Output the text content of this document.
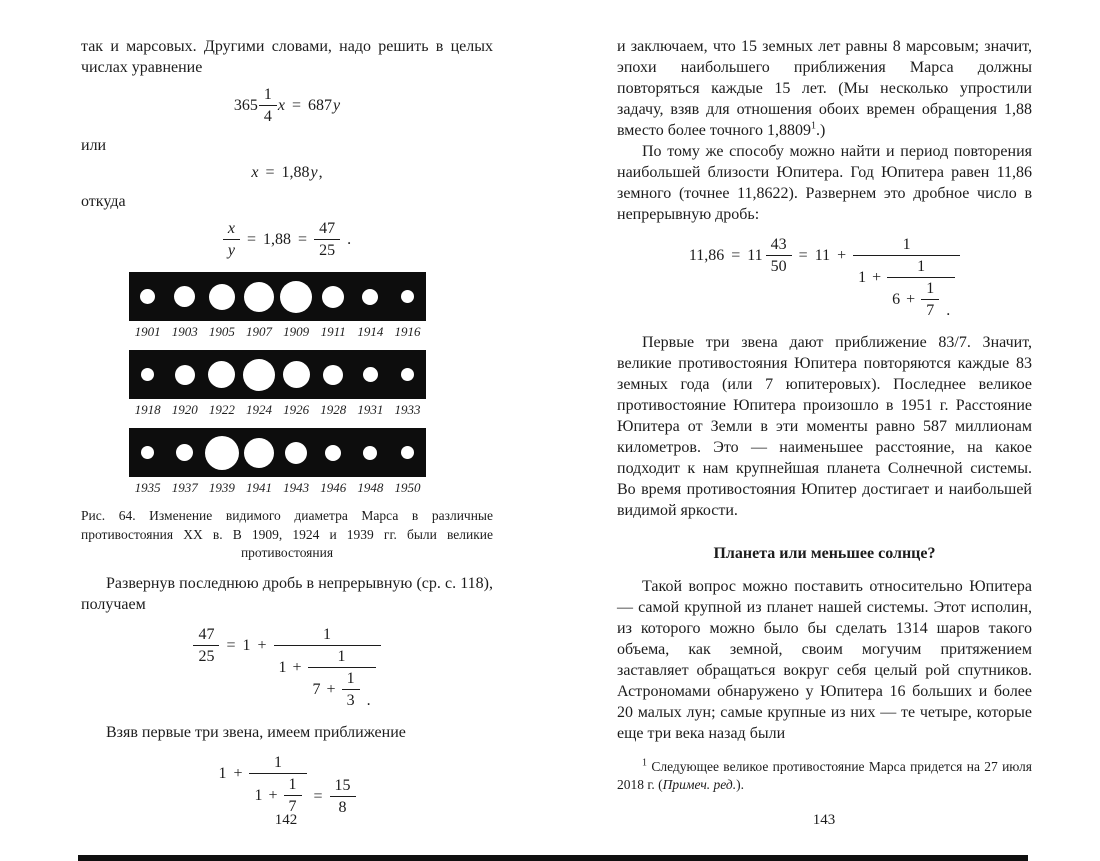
так и марсовых. Другими словами, надо решить в целых числах уравнение

$365 \frac{1}{4}$ x = 687 y

или

x = 1,88 y ,

откуда

$\frac{x}{y} = 1,88 = \frac{47}{25}$ .
1901 1903 1905 1907 1909 1911 1914 1916
1918 1920 1922 1924 1926 1928 1931 1933
1935 1937 1939 1941 1943 1946 1948 1950
Рис. 64. Изменение видимого диаметра Марса в различные противостояния XX в. В 1909, 1924 и 1939 гг. были великие противостояния

Развернув последнюю дробь в непрерывную (ср. с. 118), получаем

$\frac{47}{25} = 1$ +
1
$1 + \frac{1}{7 + \frac{1}{3} .}$

Взяв первые три звена, имеем приближение

$1 + \frac{1}{1 + \frac{1}{7}} = \frac{15}{8}$

и заключаем, что 15 земных лет равны 8 марсовым; значит, эпохи наибольшего приближения Марса должны повторяться каждые 15 лет. (Мы несколько упростили задачу, взяв для отношения обоих времен обращения 1,88 вместо более точного 1,8809$^1$.)

По тому же способу можно найти и период повторения наибольшей близости Юпитера. Год Юпитера равен 11,86 земного (точнее 11,8622). Развернем это дробное число в непрерывную дробь:

$11,86 = 11 \frac{43}{50} = 11$ +
1
$1 + \frac{1}{6 + \frac{1}{7} .}$

Первые три звена дают приближение 83/7. Значит, великие противостояния Юпитера повторяются каждые 83 земных года (или 7 юпитеровых). Последнее великое противостояние Юпитера произошло в 1951 г. Расстояние Юпитера от Земли в эти моменты равно 587 миллионам километров. Это — наименьшее расстояние, на какое подходит к нам крупнейшая планета Солнечной системы. Во время противостояния Юпитер достигает и наибольшей видимой яркости.

Планета или меньшее солнце?

Такой вопрос можно поставить относительно Юпитера — самой крупной из планет нашей системы. Этот исполин, из которого можно было бы сделать 1314 шаров такого объема, как земной, своим могучим притяжением заставляет обращаться вокруг себя целый рой спутников. Астрономами обнаружено у Юпитера 16 больших и более 20 малых лун; самые крупные из них — те четыре, которые еще три века назад были

$^1$ Следующее великое противостояние Марса придется на 27 июля 2018 г. (Примеч. ред.).

142	143
